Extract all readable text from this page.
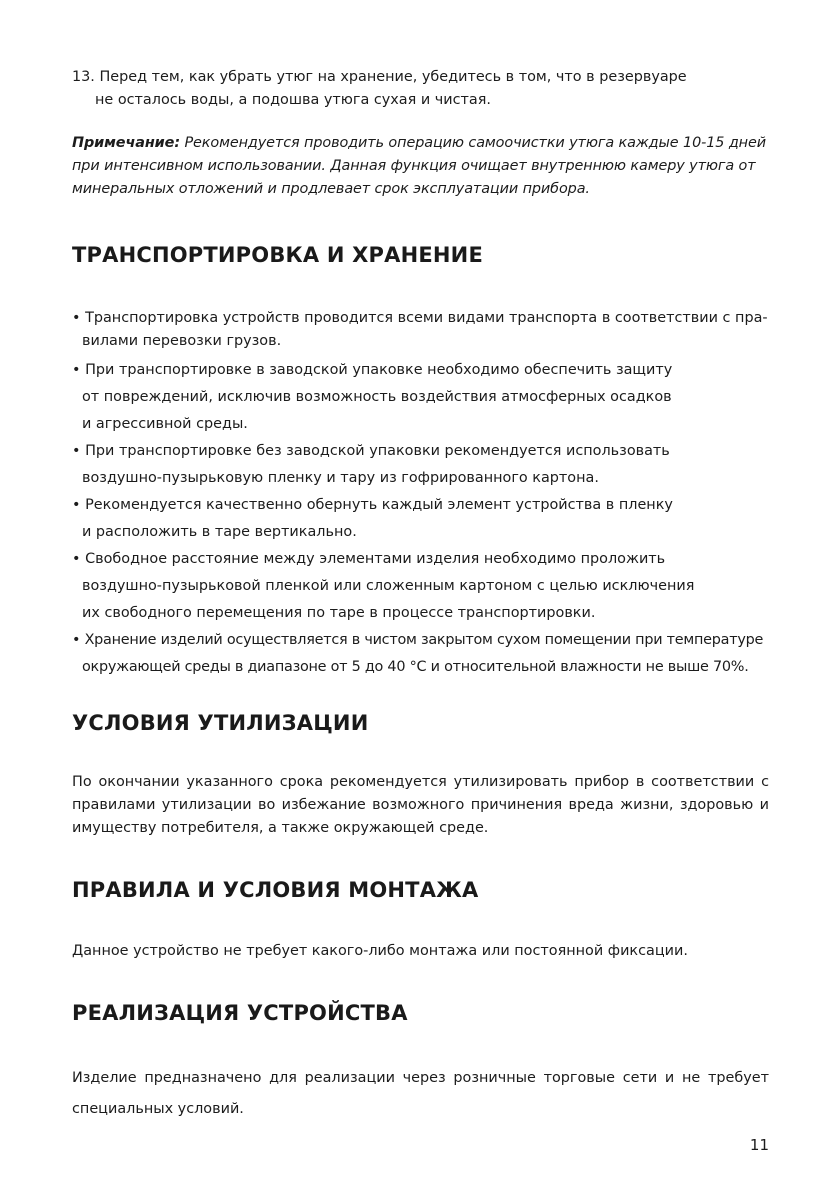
13. Перед тем, как убрать утюг на хранение, убедитесь в том, что в резервуаре
не осталось воды, а подошва утюга сухая и чистая.

Примечание: Рекомендуется проводить операцию самоочистки утюга каждые 10-15 дней при интенсивном использовании. Данная функция очищает внутреннюю камеру утюга от минеральных отложений и продлевает срок эксплуатации прибора.

ТРАНСПОРТИРОВКА И ХРАНЕНИЕ
• Транспортировка устройств проводится всеми видами транспорта в соответствии с пра-
вилами перевозки грузов.
• При транспортировке в заводской упаковке необходимо обеспечить защиту
от повреждений, исключив возможность воздействия атмосферных осадков
и агрессивной среды.
• При транспортировке без заводской упаковки рекомендуется использовать
воздушно-пузырьковую пленку и тару из гофрированного картона.
• Рекомендуется качественно обернуть каждый элемент устройства в пленку
и расположить в таре вертикально.
• Свободное расстояние между элементами изделия необходимо проложить
воздушно-пузырьковой пленкой или сложенным картоном с целью исключения
их свободного перемещения по таре в процессе транспортировки.
• Хранение изделий осуществляется в чистом закрытом сухом помещении при температуре
окружающей среды в диапазоне от 5 до 40 °С и относительной влажности не выше 70%.
УСЛОВИЯ УТИЛИЗАЦИИ

По окончании указанного срока рекомендуется утилизировать прибор в соответствии с правилами утилизации во избежание возможного причинения вреда жизни, здоровью и имуществу потребителя, а также окружающей среде.

ПРАВИЛА И УСЛОВИЯ МОНТАЖА

Данное устройство не требует какого-либо монтажа или постоянной фиксации.

РЕАЛИЗАЦИЯ УСТРОЙСТВА

Изделие предназначено для реализации через розничные торговые сети и не требует специальных условий.

11
